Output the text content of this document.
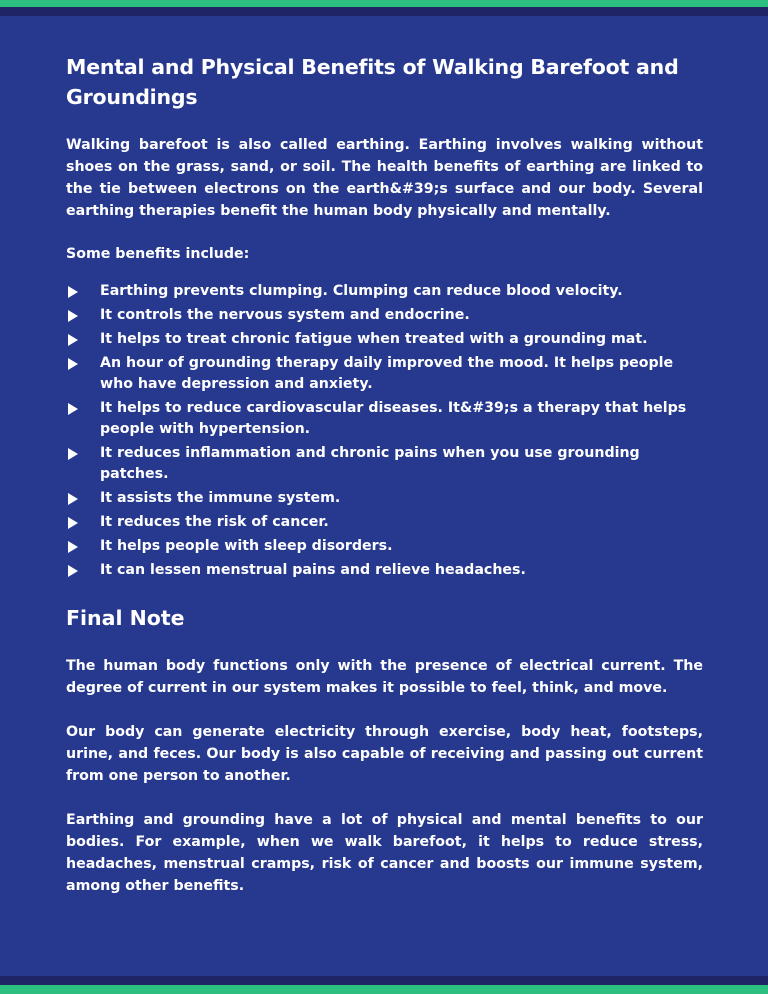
Mental and Physical Benefits of Walking Barefoot and Groundings

Walking barefoot is also called earthing. Earthing involves walking without shoes on the grass, sand, or soil. The health benefits of earthing are linked to the tie between electrons on the earth&#39;s surface and our body. Several earthing therapies benefit the human body physically and mentally.

Some benefits include:

Earthing prevents clumping. Clumping can reduce blood velocity.
It controls the nervous system and endocrine.
It helps to treat chronic fatigue when treated with a grounding mat.
An hour of grounding therapy daily improved the mood. It helps people who have depression and anxiety.
It helps to reduce cardiovascular diseases. It&#39;s a therapy that helps people with hypertension.
It reduces inflammation and chronic pains when you use grounding patches.
It assists the immune system.
It reduces the risk of cancer.
It helps people with sleep disorders.
It can lessen menstrual pains and relieve headaches.
Final Note

The human body functions only with the presence of electrical current. The degree of current in our system makes it possible to feel, think, and move.

Our body can generate electricity through exercise, body heat, footsteps, urine, and feces. Our body is also capable of receiving and passing out current from one person to another.

Earthing and grounding have a lot of physical and mental benefits to our bodies. For example, when we walk barefoot, it helps to reduce stress, headaches, menstrual cramps, risk of cancer and boosts our immune system, among other benefits.
